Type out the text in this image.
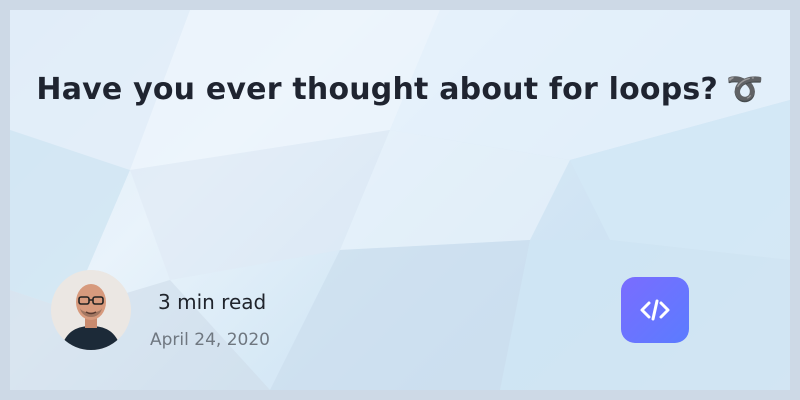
Have you ever thought about for loops? ➰
3 min read
April 24, 2020
